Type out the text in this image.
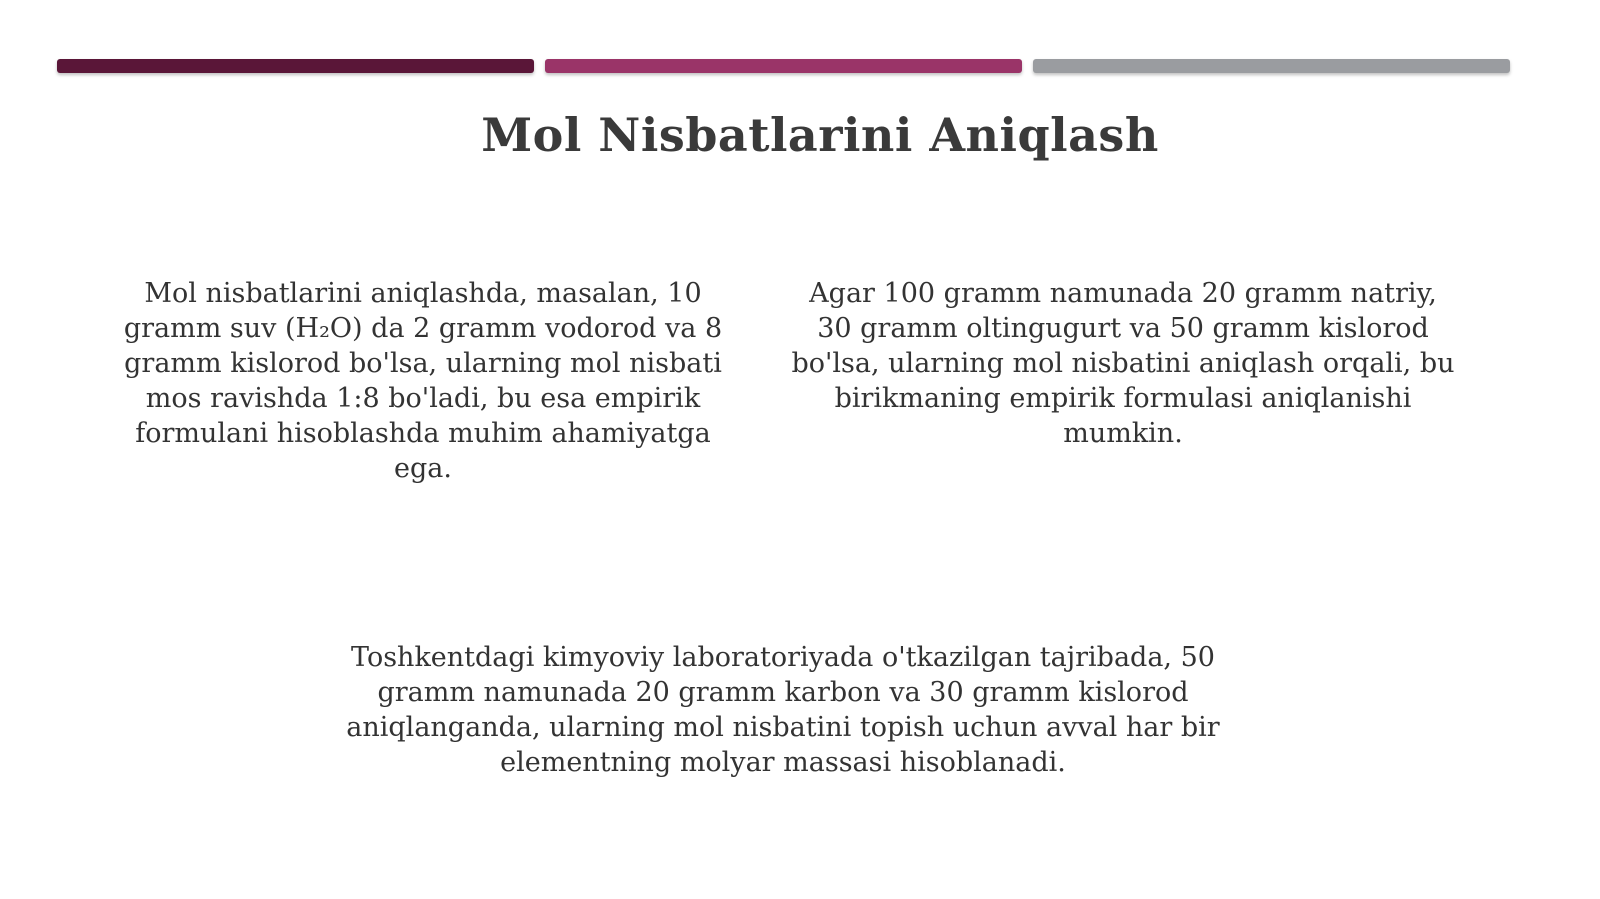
Mol Nisbatlarini Aniqlash

Mol nisbatlarini aniqlashda, masalan, 10 gramm suv (H₂O) da 2 gramm vodorod va 8 gramm kislorod bo'lsa, ularning mol nisbati mos ravishda 1:8 bo'ladi, bu esa empirik formulani hisoblashda muhim ahamiyatga ega.

Agar 100 gramm namunada 20 gramm natriy, 30 gramm oltingugurt va 50 gramm kislorod bo'lsa, ularning mol nisbatini aniqlash orqali, bu birikmaning empirik formulasi aniqlanishi mumkin.

Toshkentdagi kimyoviy laboratoriyada o'tkazilgan tajribada, 50 gramm namunada 20 gramm karbon va 30 gramm kislorod aniqlanganda, ularning mol nisbatini topish uchun avval har bir elementning molyar massasi hisoblanadi.
